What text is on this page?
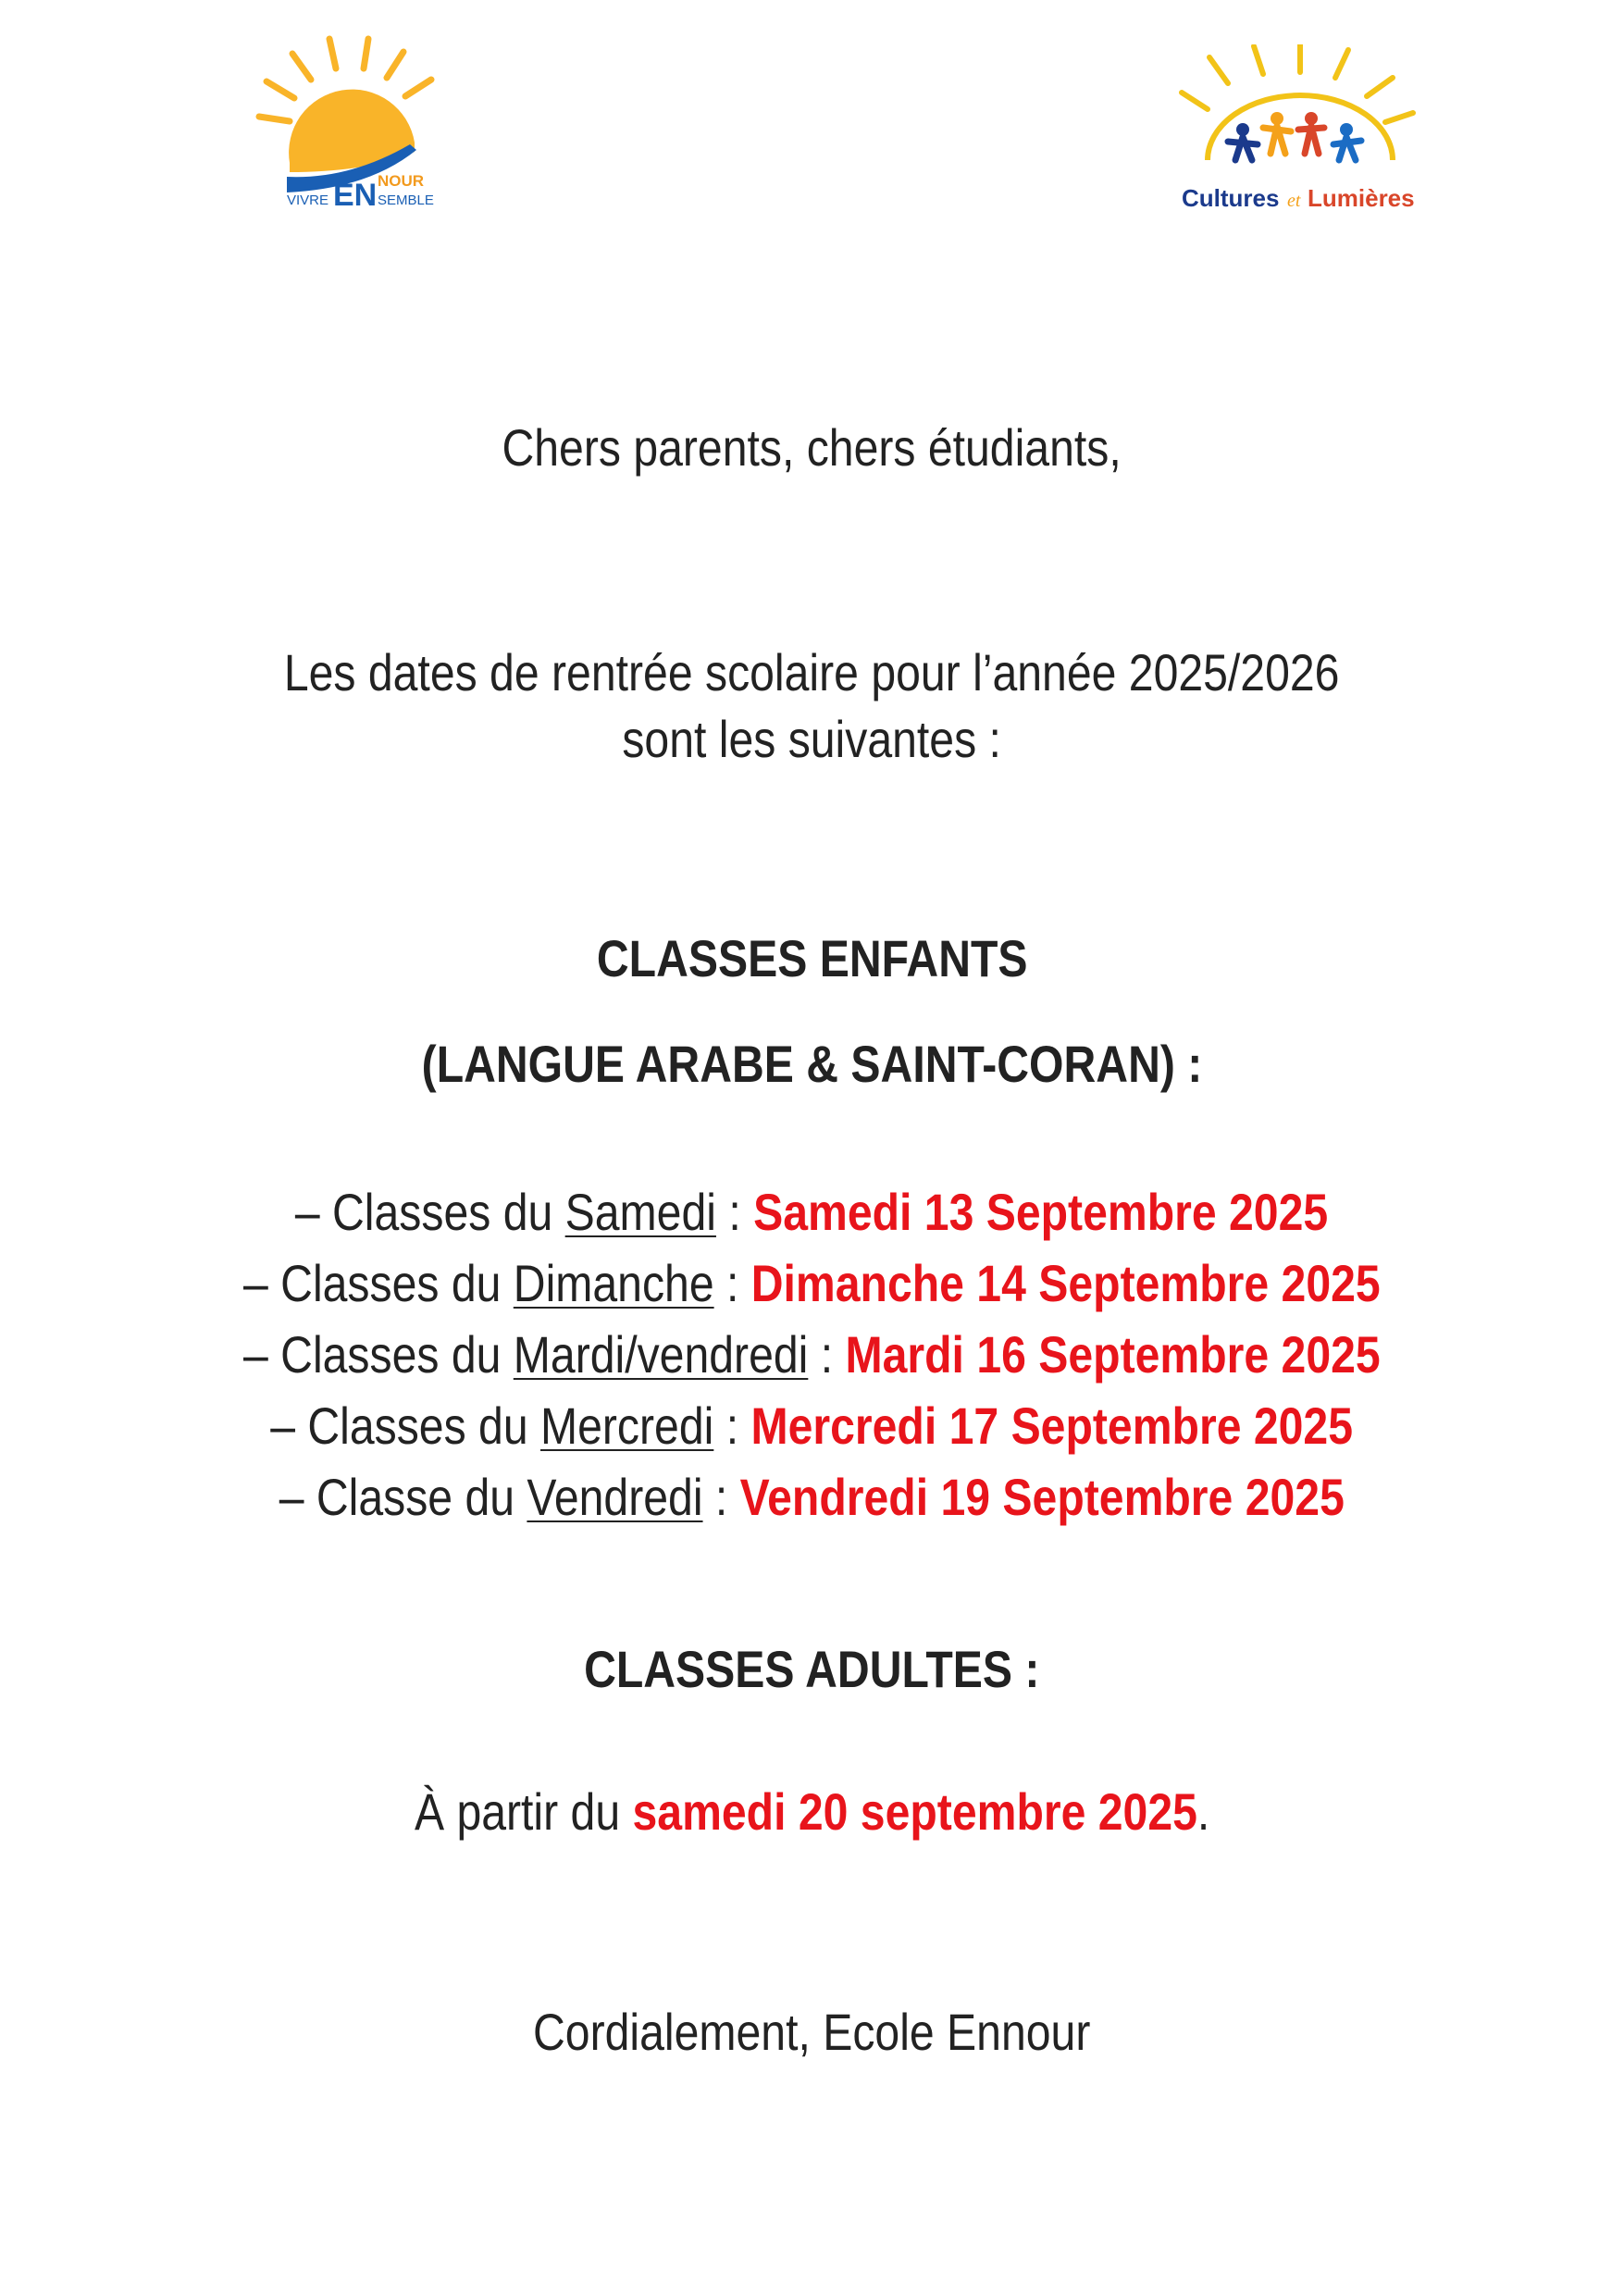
VIVRE EN NOUR
SEMBLE	Cultures et Lumières
Chers parents, chers étudiants,
Les dates de rentrée scolaire pour l’année 2025/2026
sont les suivantes :
CLASSES ENFANTS
(LANGUE ARABE & SAINT-CORAN) :
– Classes du Samedi : Samedi 13 Septembre 2025
– Classes du Dimanche : Dimanche 14 Septembre 2025
– Classes du Mardi/vendredi : Mardi 16 Septembre 2025
– Classes du Mercredi : Mercredi 17 Septembre 2025
– Classe du Vendredi : Vendredi 19 Septembre 2025
CLASSES ADULTES :
À partir du samedi 20 septembre 2025.
Cordialement, Ecole Ennour
